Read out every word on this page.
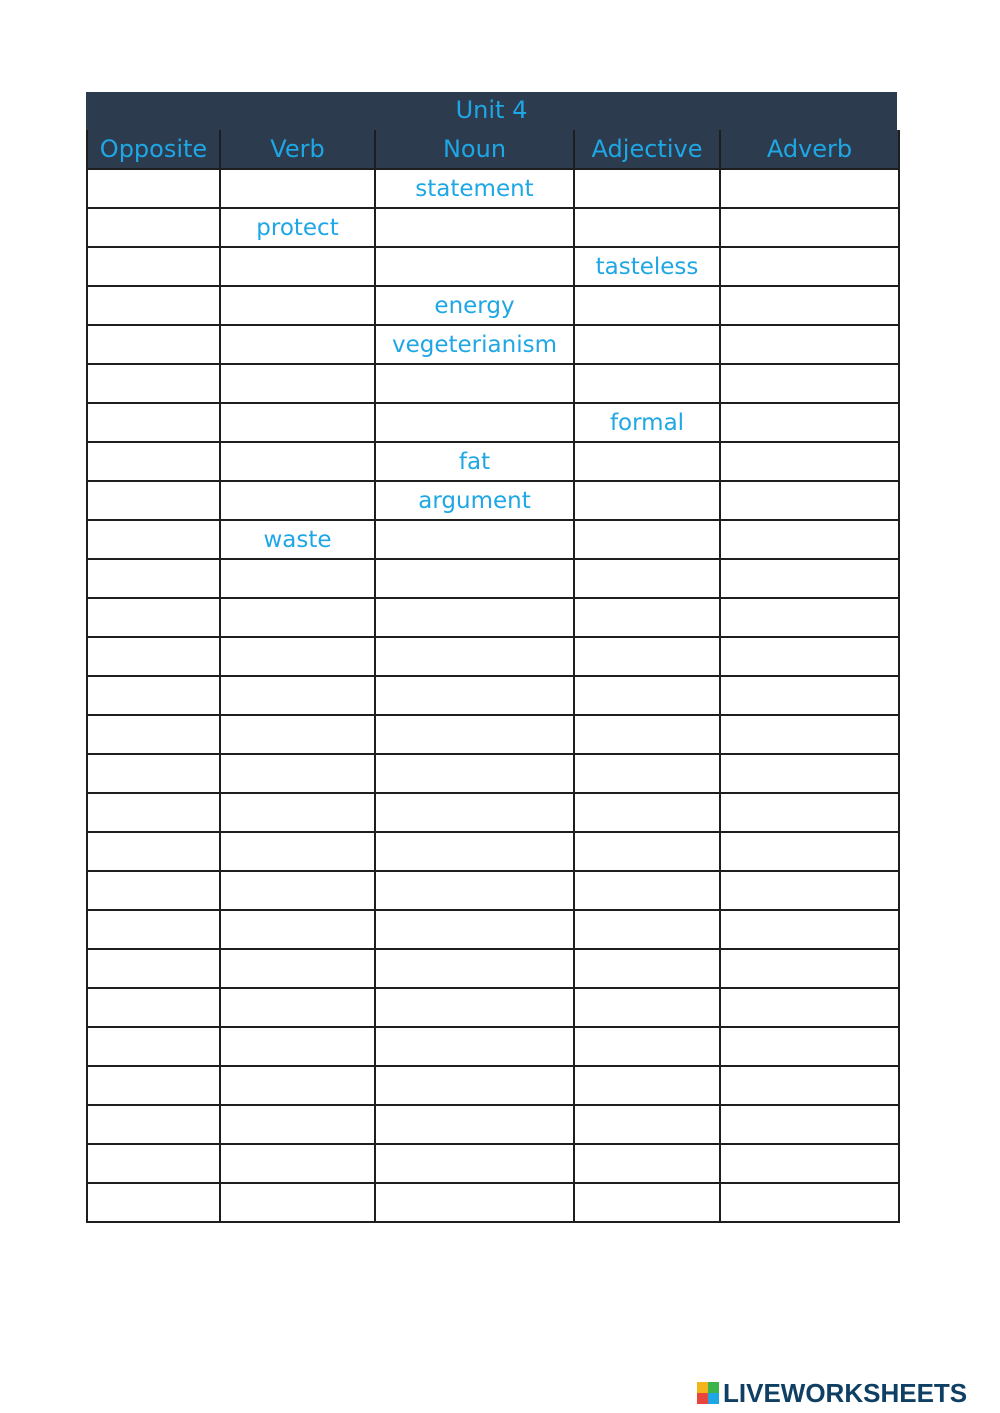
Unit 4
Opposite	Verb	Noun	Adjective	Adverb
		statement		
	protect			
			tasteless	
		energy		
		vegeterianism		

			formal	
		fat		
		argument		
	waste			

LIVEWORKSHEETS
